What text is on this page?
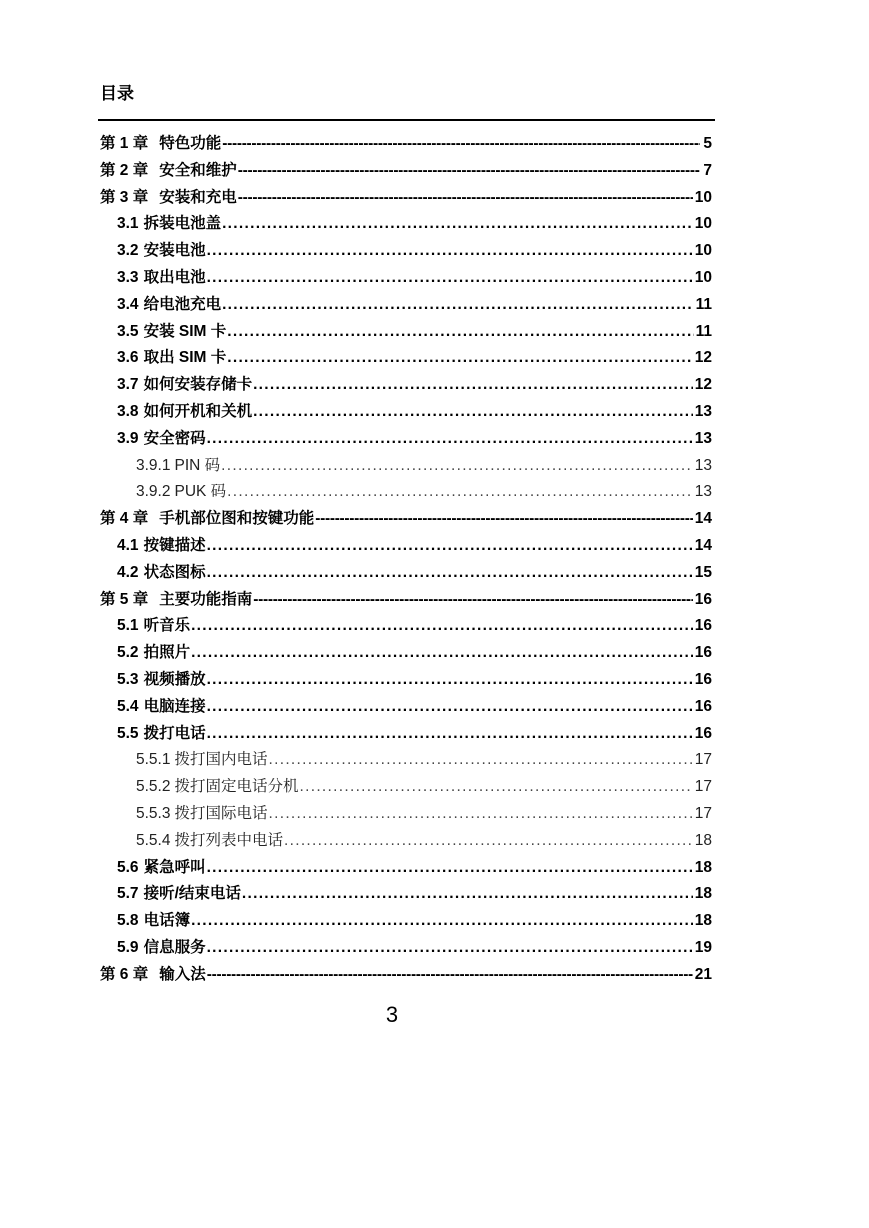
目录
第 1 章 特色功能 -----	5
第 2 章 安全和维护 -----	7
第 3 章 安装和充电 -----	10
3.1 拆装电池盖 .....	10
3.2 安装电池 .....	10
3.3 取出电池 .....	10
3.4 给电池充电 .....	11
3.5 安装 SIM 卡 .....	11
3.6 取出 SIM 卡 .....	12
3.7 如何安装存储卡 .....	12
3.8 如何开机和关机 .....	13
3.9 安全密码 .....	13
3.9.1 PIN 码 .....	13
3.9.2 PUK 码 .....	13
第 4 章 手机部位图和按键功能 -----	14
4.1 按键描述 .....	14
4.2 状态图标 .....	15
第 5 章 主要功能指南 -----	16
5.1 听音乐 .....	16
5.2 拍照片 .....	16
5.3 视频播放 .....	16
5.4 电脑连接 .....	16
5.5 拨打电话 .....	16
5.5.1 拨打国内电话 .....	17
5.5.2 拨打固定电话分机 .....	17
5.5.3 拨打国际电话 .....	17
5.5.4 拨打列表中电话 .....	18
5.6 紧急呼叫 .....	18
5.7 接听/结束电话 .....	18
5.8 电话簿 .....	18
5.9 信息服务 .....	19
第 6 章 输入法 -----	21
3
